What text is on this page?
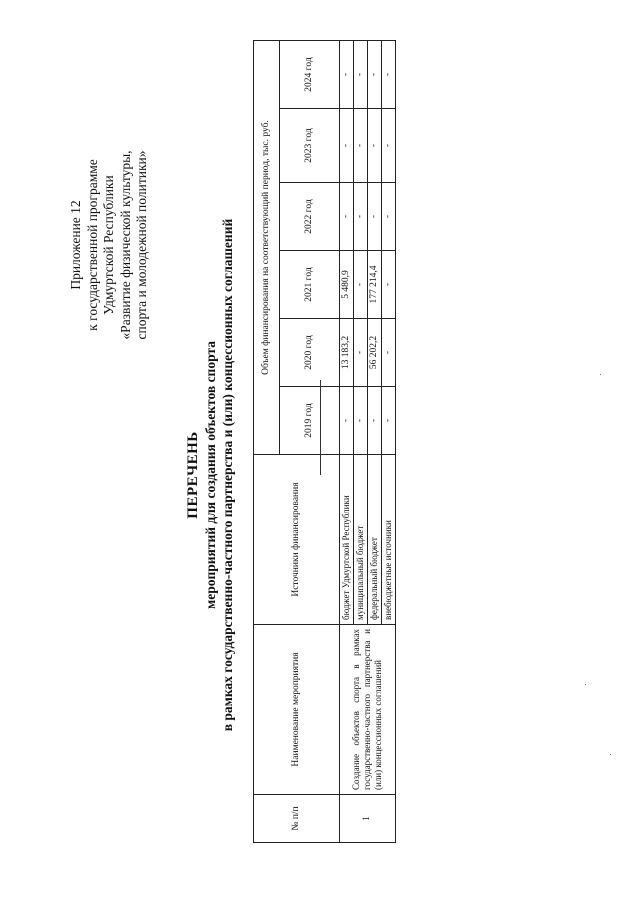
Приложение 12 к государственной программе Удмуртской Республики «Развитие физической культуры, спорта и молодежной политики»
ПЕРЕЧЕНЬ мероприятий для создания объектов спорта в рамках государственно-частного партнерства и (или) концессионных соглашений
№ п/п	Наименование мероприятия	Источники финансирования	Объем финансирования на соответствующий период, тыс. руб.					
			2019 год	2020 год	2021 год	2022 год	2023 год	2024 год
1	Создание объектов спорта в рамках государственно-частного партнерства и (или) концессионных соглашений	бюджет Удмуртской Республики	-	13 183,2	5 480,9	-	-	-
		муниципальный бюджет	-	-	-	-	-	-
		федеральный бюджет	-	56 202,2	177 214,4	-	-	-
		внебюджетные источники	-	-	-	-	-	-
